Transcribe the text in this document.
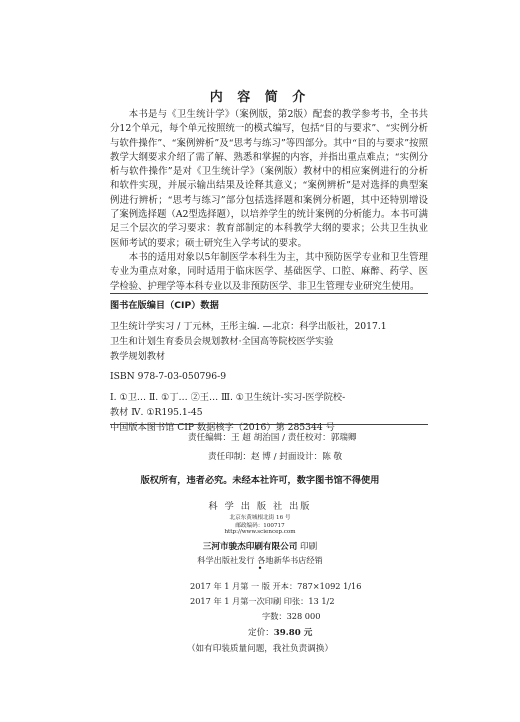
内 容 简 介

本书是与《卫生统计学》（案例版，第2版）配套的教学参考书，全书共分12个单元，每个单元按照统一的模式编写，包括“目的与要求”、“实例分析与软件操作”、“案例辨析”及“思考与练习”等四部分。其中“目的与要求”按照教学大纲要求介绍了需了解、熟悉和掌握的内容，并指出重点难点；“实例分析与软件操作”是对《卫生统计学》（案例版）教材中的相应案例进行的分析和软件实现，并展示输出结果及诠释其意义；“案例辨析”是对选择的典型案例进行辨析；“思考与练习”部分包括选择题和案例分析题，其中还特别增设了案例选择题（A2型选择题），以培养学生的统计案例的分析能力。本书可满足三个层次的学习要求：教育部制定的本科教学大纲的要求；公共卫生执业医师考试的要求；硕士研究生入学考试的要求。

本书的适用对象以5年制医学本科生为主，其中预防医学专业和卫生管理专业为重点对象，同时适用于临床医学、基础医学、口腔、麻醉、药学、医学检验、护理学等本科专业以及非预防医学、非卫生管理专业研究生使用。

图书在版编目（CIP）数据
卫生统计学实习 / 丁元林，王彤主编. —北京：科学出版社，2017.1
卫生和计划生育委员会规划教材·全国高等院校医学实验
教学规划教材
ISBN 978-7-03-050796-9
Ⅰ. ①卫… Ⅱ. ①丁… ②王… Ⅲ. ①卫生统计-实习-医学院校-
教材 Ⅳ. ①R195.1-45
中国版本图书馆 CIP 数据核字（2016）第 285344 号
责任编辑：王 超 胡治国 / 责任校对：郭瑞卿
责任印制：赵 博 / 封面设计：陈 敬
版权所有，违者必究。未经本社许可，数字图书馆不得使用
科 学 出 版 社 出版
北京东黄城根北街 16 号
邮政编码：100717
http://www.sciencep.com
三河市骏杰印刷有限公司 印刷
科学出版社发行 各地新华书店经销
•
2017 年 1 月第 一 版 开本：787×1092 1/16
2017 年 1 月第一次印刷 印张：13 1/2
字数：328 000
定价：39.80 元
（如有印装质量问题，我社负责调换）
